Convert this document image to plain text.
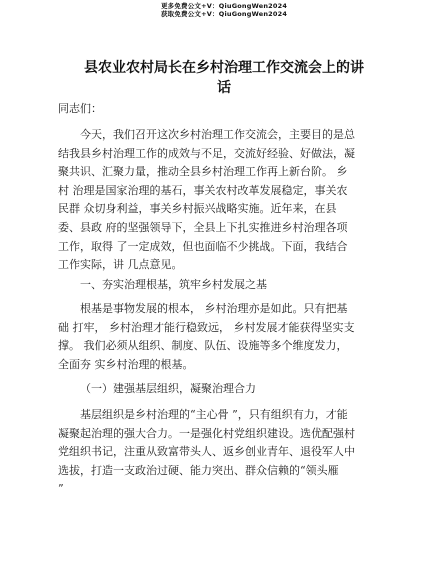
更多免费公文+V：QiuGongWen2024
获取免费公文+V：QiuGongWen2024
县农业农村局长在乡村治理工作交流会上的讲
话
同志们：
今天，我们召开这次乡村治理工作交流会，主要目的是总
结我县乡村治理工作的成效与不足，交流好经验、好做法，凝
聚共识、汇聚力量，推动全县乡村治理工作再上新台阶。 乡
村 治理是国家治理的基石，事关农村改革发展稳定，事关农
民群 众切身利益，事关乡村振兴战略实施。近年来，在县
委、县政 府的坚强领导下，全县上下扎实推进乡村治理各项
工作，取得 了一定成效，但也面临不少挑战。下面，我结合
工作实际，讲 几点意见。
一、夯实治理根基，筑牢乡村发展之基
根基是事物发展的根本， 乡村治理亦是如此。只有把基
础 打牢， 乡村治理才能行稳致远， 乡村发展才能获得坚实支
撑。 我们必须从组织、制度、队伍、设施等多个维度发力，
全面夯 实乡村治理的根基。
（一）建强基层组织，凝聚治理合力
基层组织是乡村治理的“主心骨 ”，只有组织有力，才能
凝聚起治理的强大合力。一是强化村党组织建设。选优配强村
党组织书记，注重从致富带头人、返乡创业青年、退役军人中
选拔，打造一支政治过硬、能力突出、群众信赖的“领头雁
”
